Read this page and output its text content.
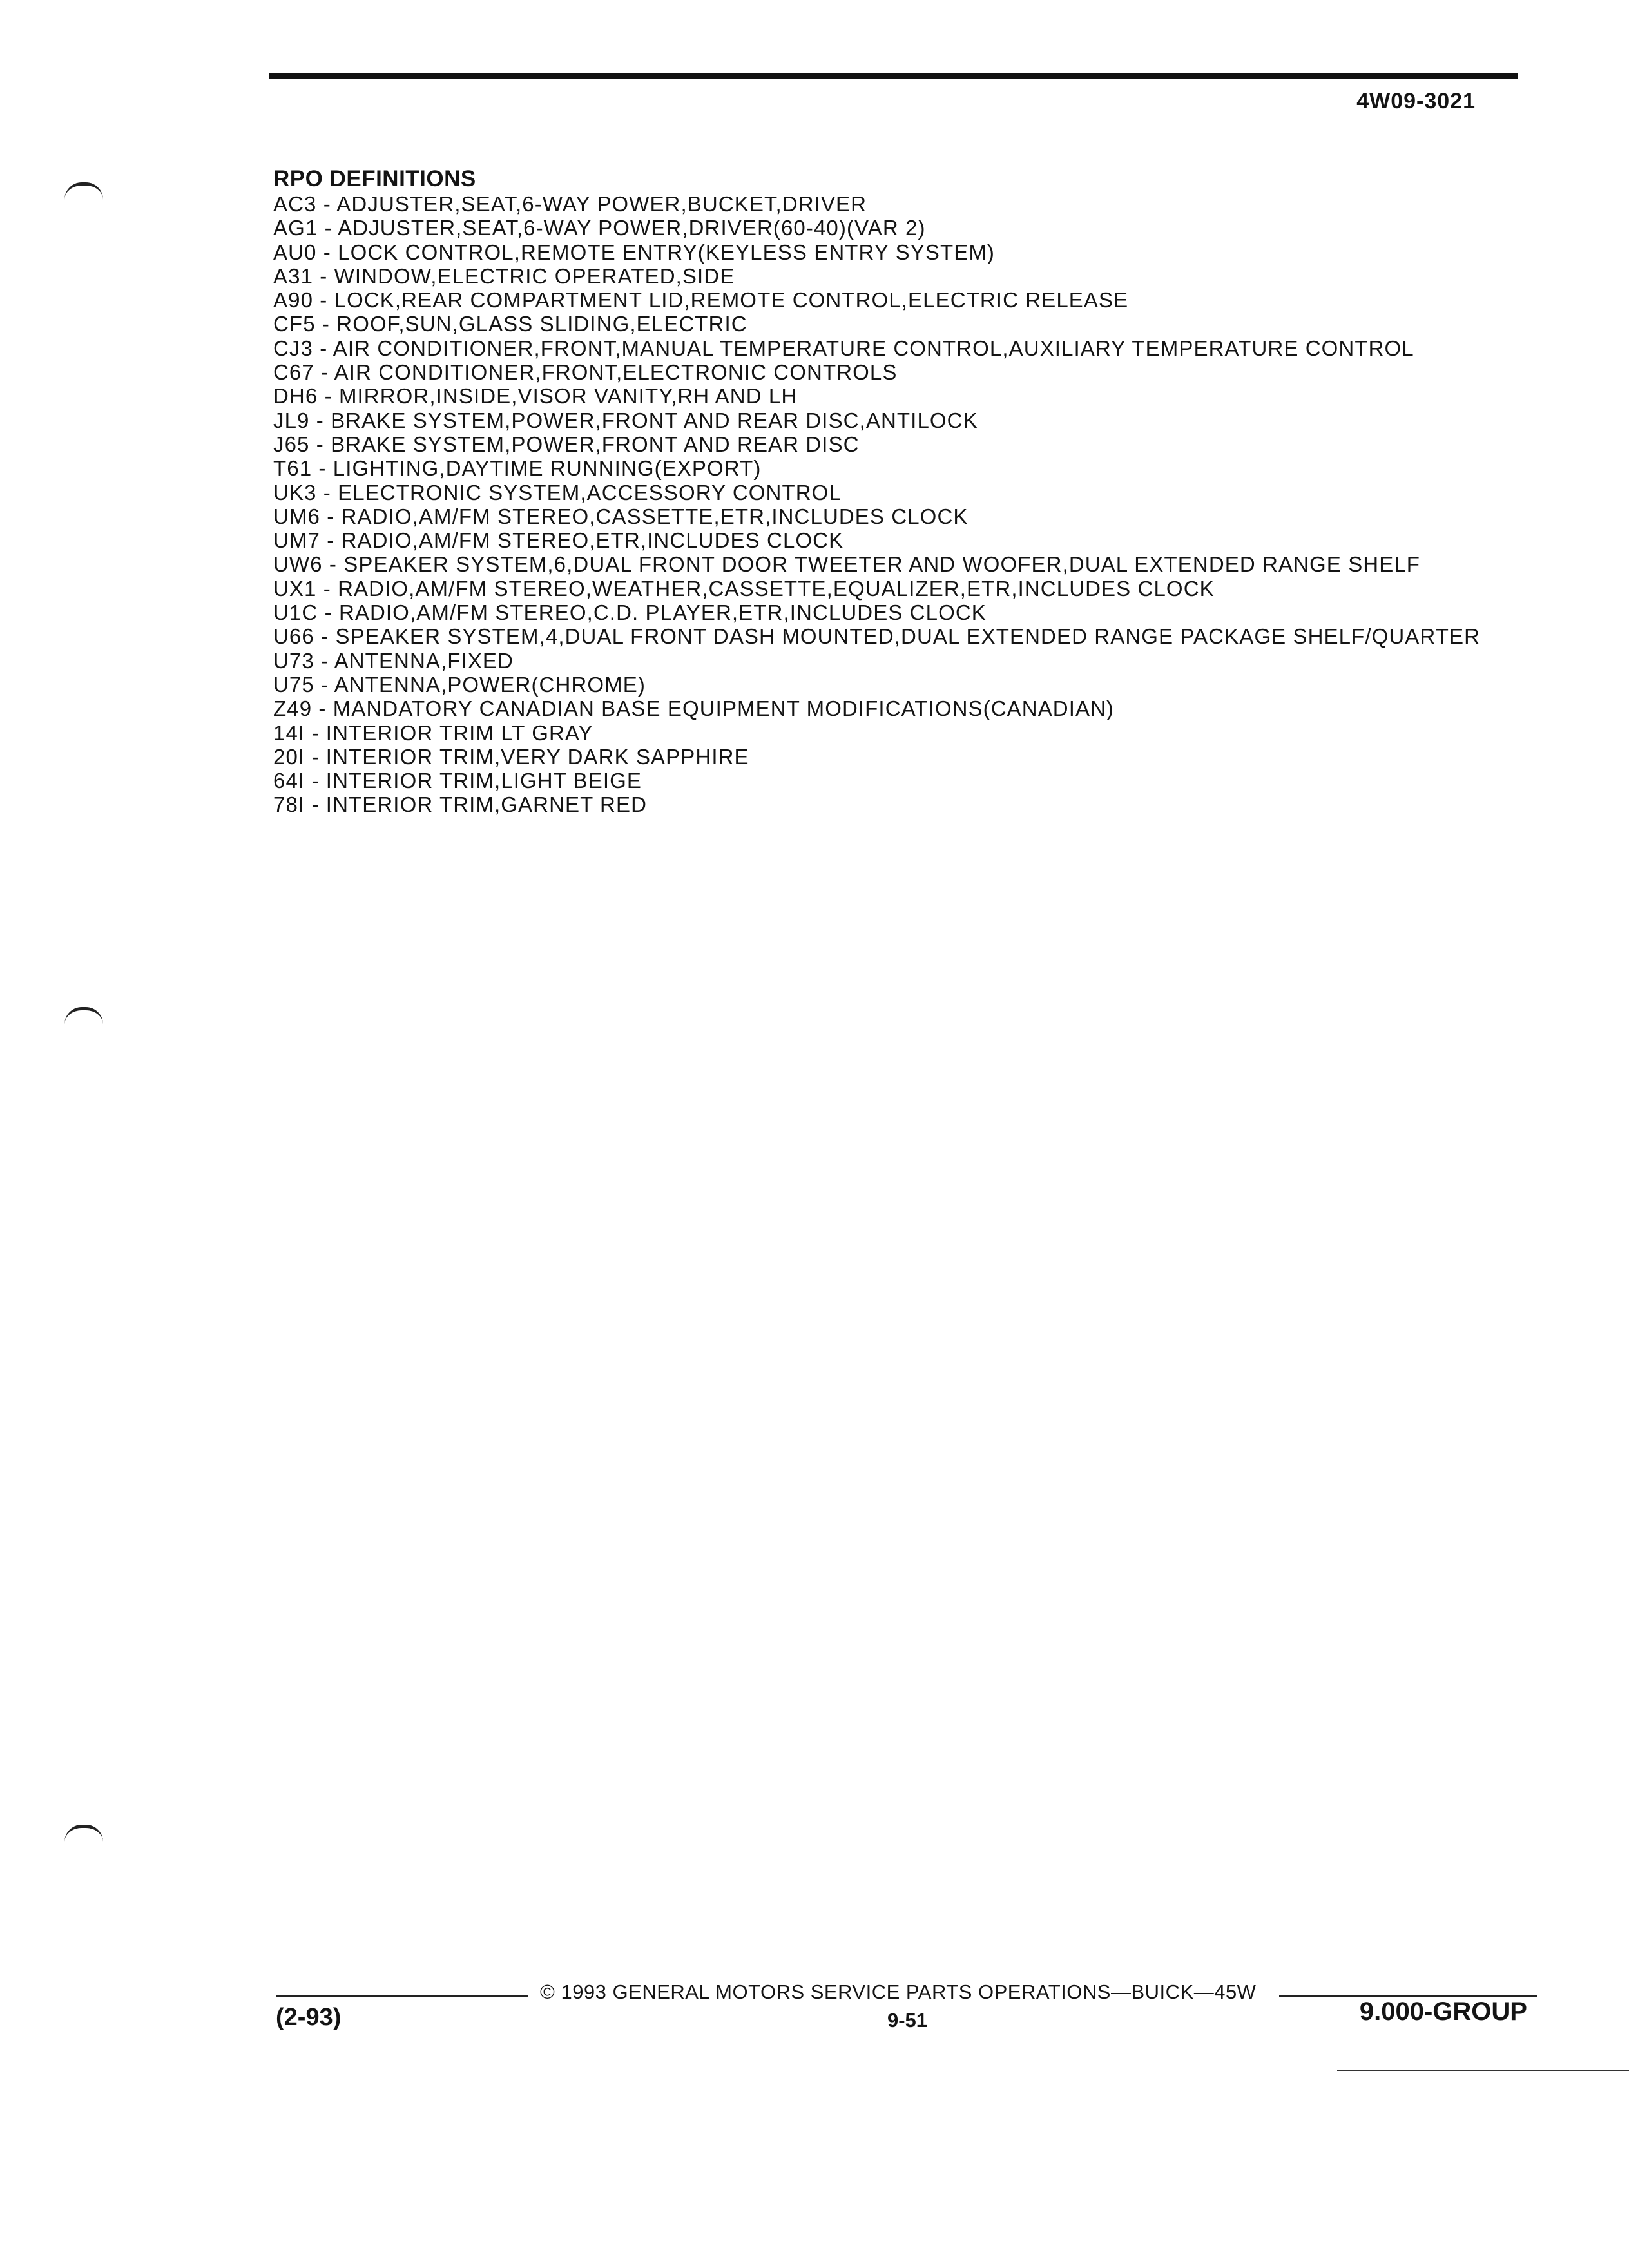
4W09-3021

RPO DEFINITIONS

AC3 - ADJUSTER,SEAT,6-WAY POWER,BUCKET,DRIVER
AG1 - ADJUSTER,SEAT,6-WAY POWER,DRIVER(60-40)(VAR 2)
AU0 - LOCK CONTROL,REMOTE ENTRY(KEYLESS ENTRY SYSTEM)
A31 - WINDOW,ELECTRIC OPERATED,SIDE
A90 - LOCK,REAR COMPARTMENT LID,REMOTE CONTROL,ELECTRIC RELEASE
CF5 - ROOF,SUN,GLASS SLIDING,ELECTRIC
CJ3 - AIR CONDITIONER,FRONT,MANUAL TEMPERATURE CONTROL,AUXILIARY TEMPERATURE CONTROL
C67 - AIR CONDITIONER,FRONT,ELECTRONIC CONTROLS
DH6 - MIRROR,INSIDE,VISOR VANITY,RH AND LH
JL9 - BRAKE SYSTEM,POWER,FRONT AND REAR DISC,ANTILOCK
J65 - BRAKE SYSTEM,POWER,FRONT AND REAR DISC
T61 - LIGHTING,DAYTIME RUNNING(EXPORT)
UK3 - ELECTRONIC SYSTEM,ACCESSORY CONTROL
UM6 - RADIO,AM/FM STEREO,CASSETTE,ETR,INCLUDES CLOCK
UM7 - RADIO,AM/FM STEREO,ETR,INCLUDES CLOCK
UW6 - SPEAKER SYSTEM,6,DUAL FRONT DOOR TWEETER AND WOOFER,DUAL EXTENDED RANGE SHELF
UX1 - RADIO,AM/FM STEREO,WEATHER,CASSETTE,EQUALIZER,ETR,INCLUDES CLOCK
U1C - RADIO,AM/FM STEREO,C.D. PLAYER,ETR,INCLUDES CLOCK
U66 - SPEAKER SYSTEM,4,DUAL FRONT DASH MOUNTED,DUAL EXTENDED RANGE PACKAGE SHELF/QUARTER
U73 - ANTENNA,FIXED
U75 - ANTENNA,POWER(CHROME)
Z49 - MANDATORY CANADIAN BASE EQUIPMENT MODIFICATIONS(CANADIAN)
14I - INTERIOR TRIM LT GRAY
20I - INTERIOR TRIM,VERY DARK SAPPHIRE
64I - INTERIOR TRIM,LIGHT BEIGE
78I - INTERIOR TRIM,GARNET RED
© 1993 GENERAL MOTORS SERVICE PARTS OPERATIONS—BUICK—45W
(2-93)	9-51	9.000-GROUP
